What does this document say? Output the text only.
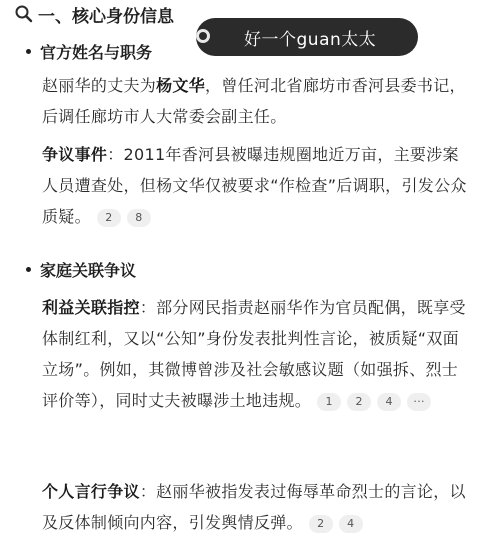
一、核心身份信息
好一个guan太太
官方姓名与职务
赵丽华的丈夫为杨文华，曾任河北省廊坊市香河县委书记，后调任廊坊市人大常委会副主任。
争议事件：2011年香河县被曝违规圈地近万亩，主要涉案人员遭查处，但杨文华仅被要求“作检查”后调职，引发公众质疑。 2 8
家庭关联争议
利益关联指控：部分网民指责赵丽华作为官员配偶，既享受体制红利，又以“公知”身份发表批判性言论，被质疑“双面立场”。例如，其微博曾涉及社会敏感议题（如强拆、烈士评价等），同时丈夫被曝涉土地违规。 1 2 4 ···
个人言行争议：赵丽华被指发表过侮辱革命烈士的言论，以及反体制倾向内容，引发舆情反弹。 2 4
